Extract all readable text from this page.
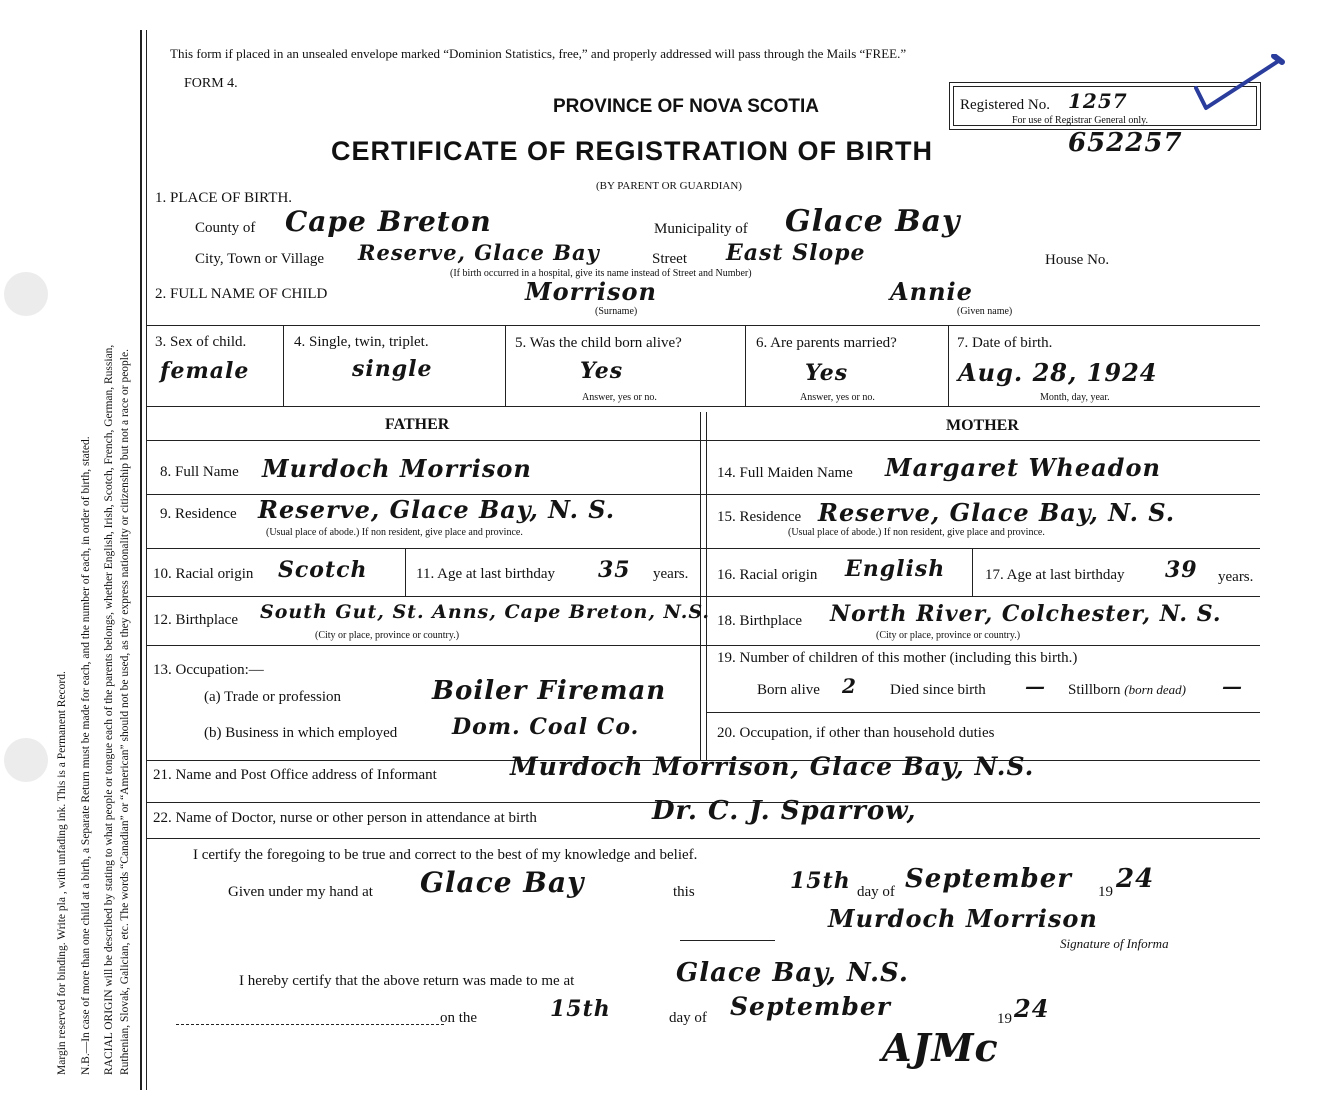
Margin reserved for binding. Write pla , with unfading ink. This is a Permanent Record. N.B.—In case of more than one child at a birth, a Separate Return must be made for each, and the number of each, in order of birth, stated. RACIAL ORIGIN will be described by stating to what people or tongue each of the parents belongs, whether English, Irish, Scotch, French, German, Russian, Ruthenian, Slovak, Galician, etc. The words “Canadian” or “American” should not be used, as they express nationality or citizenship but not a race or people.
This form if placed in an unsealed envelope marked “Dominion Statistics, free,” and properly addressed will pass through the Mails “FREE.”
FORM 4.
PROVINCE OF NOVA SCOTIA
CERTIFICATE OF REGISTRATION OF BIRTH	652257
(BY PARENT OR GUARDIAN)
Registered No. 1257
For use of Registrar General only.
1. PLACE OF BIRTH.
County of Cape Breton	Municipality of Glace Bay
City, Town or Village Reserve, Glace Bay	Street East Slope	House No.
(If birth occurred in a hospital, give its name instead of Street and Number)
2. FULL NAME OF CHILD	Morrison	Annie
(Surname)	(Given name)
3. Sex of child.
female
4. Single, twin, triplet.
single
5. Was the child born alive?
Yes
Answer, yes or no.
6. Are parents married?
Yes
Answer, yes or no.
7. Date of birth.
Aug. 28, 1924
Month, day, year.
FATHER	MOTHER
8. Full Name Murdoch Morrison
9. Residence Reserve, Glace Bay, N. S.
(Usual place of abode.) If non resident, give place and province.
10. Racial origin Scotch	11. Age at last birthday 35 years.
12. Birthplace South Gut, St. Anns, Cape Breton, N.S.
(City or place, province or country.)
13. Occupation:—
(a) Trade or profession	Boiler Fireman
(b) Business in which employed Dom. Coal Co.
14. Full Maiden Name Margaret Wheadon
15. Residence Reserve, Glace Bay, N. S.
(Usual place of abode.) If non resident, give place and province.
16. Racial origin English	17. Age at last birthday 39 years.
18. Birthplace North River, Colchester, N. S.
(City or place, province or country.)
19. Number of children of this mother (including this birth.)
Born alive 2 Died since birth — Stillborn (born dead) —
20. Occupation, if other than household duties
21. Name and Post Office address of Informant	Murdoch Morrison, Glace Bay, N.S.
22. Name of Doctor, nurse or other person in attendance at birth	Dr. C. J. Sparrow,
I certify the foregoing to be true and correct to the best of my knowledge and belief.
Given under my hand at Glace Bay	this	15th day of September 19 24
Murdoch Morrison
Signature of Informa
I hereby certify that the above return was made to me at	Glace Bay, N.S.
on the	15th	day of September	19 24
AJMc
